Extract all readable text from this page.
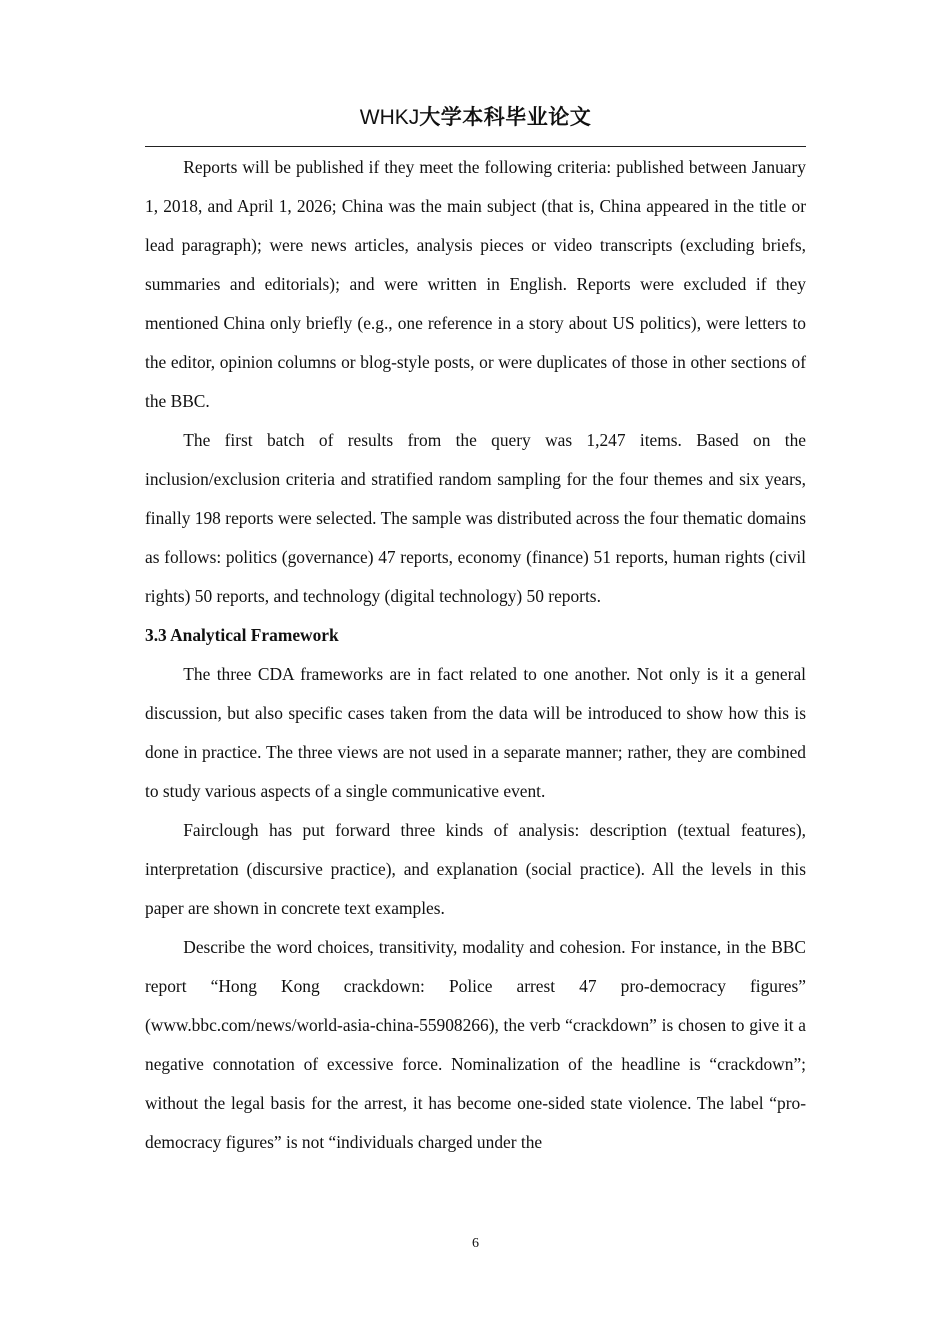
WHKJ大学本科毕业论文

Reports will be published if they meet the following criteria: published between January 1, 2018, and April 1, 2026; China was the main subject (that is, China appeared in the title or lead paragraph); were news articles, analysis pieces or video transcripts (excluding briefs, summaries and editorials); and were written in English. Reports were excluded if they mentioned China only briefly (e.g., one reference in a story about US politics), were letters to the editor, opinion columns or blog-style posts, or were duplicates of those in other sections of the BBC.

The first batch of results from the query was 1,247 items. Based on the inclusion/exclusion criteria and stratified random sampling for the four themes and six years, finally 198 reports were selected. The sample was distributed across the four thematic domains as follows: politics (governance) 47 reports, economy (finance) 51 reports, human rights (civil rights) 50 reports, and technology (digital technology) 50 reports.

3.3 Analytical Framework

The three CDA frameworks are in fact related to one another. Not only is it a general discussion, but also specific cases taken from the data will be introduced to show how this is done in practice. The three views are not used in a separate manner; rather, they are combined to study various aspects of a single communicative event.

Fairclough has put forward three kinds of analysis: description (textual features), interpretation (discursive practice), and explanation (social practice). All the levels in this paper are shown in concrete text examples.

Describe the word choices, transitivity, modality and cohesion. For instance, in the BBC report “Hong Kong crackdown: Police arrest 47 pro-democracy figures” (www.bbc.com/news/world-asia-china-55908266), the verb “crackdown” is chosen to give it a negative connotation of excessive force. Nominalization of the headline is “crackdown”; without the legal basis for the arrest, it has become one-sided state violence. The label “pro-democracy figures” is not “individuals charged under the

6
